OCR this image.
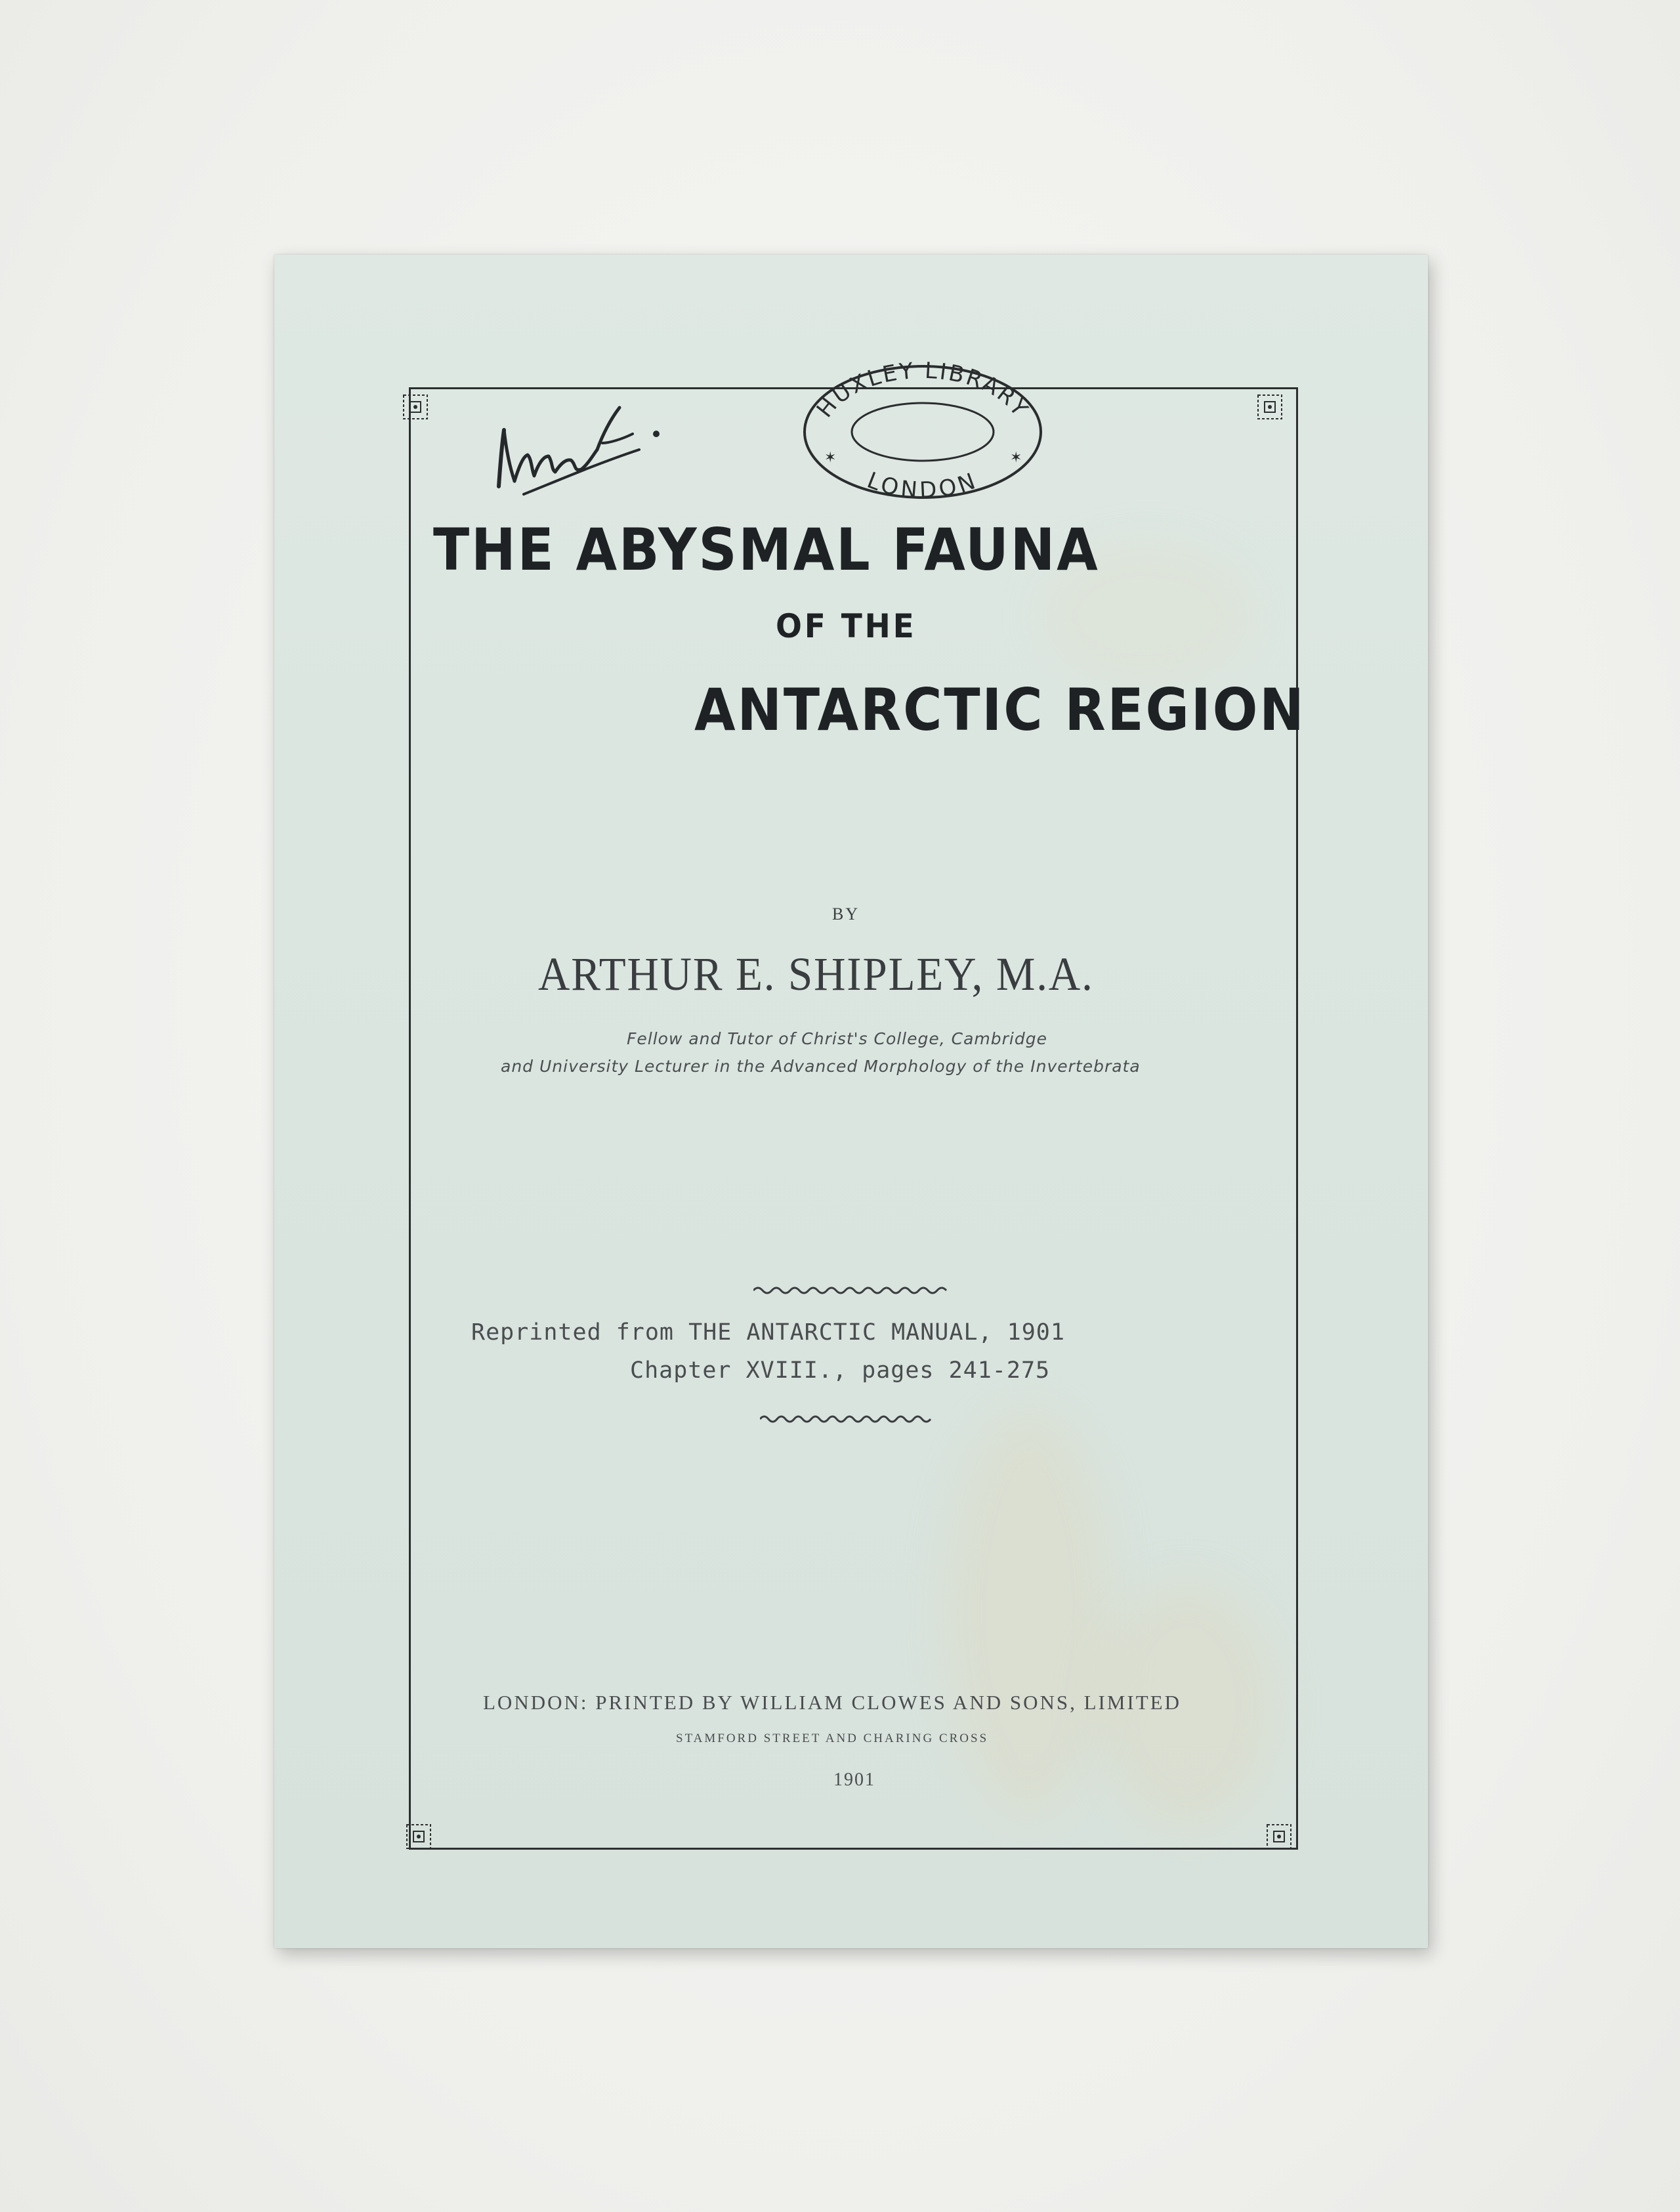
HUXLEY LIBRARY
LONDON
✶	✶
THE ABYSMAL FAUNA
OF THE
ANTARCTIC REGION
BY
ARTHUR E. SHIPLEY, M.A.
Fellow and Tutor of Christ's College, Cambridge
and University Lecturer in the Advanced Morphology of the Invertebrata
Reprinted from THE ANTARCTIC MANUAL, 1901
Chapter XVIII., pages 241-275
LONDON: PRINTED BY WILLIAM CLOWES AND SONS, LIMITED
STAMFORD STREET AND CHARING CROSS
1901
